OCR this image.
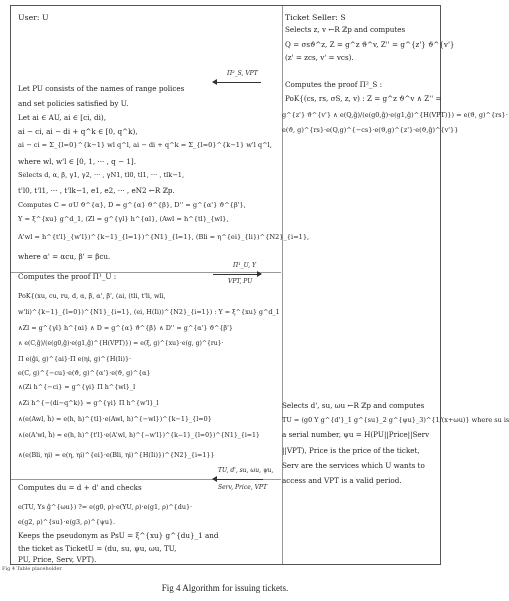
User: U	Ticket Seller: S
Selects z, v ←R ℤp and computes
Q = σsϑ^z, Z = g^z ϑ^v, Z'' = g^{z'} ϑ^{v'}
(z' = zcs, v' = vcs).
Π²_S, VPT
Computes the proof Π²_S :
PoK{(cs, rs, σS, z, v) : Z = g^z ϑ^v ∧ Z'' =
g^{z'} ϑ^{v'} ∧ e(Q,ĝ)/(e(g0,ĝ)·e(g1,ĝ)^{H(VPT)}) = e(ϑ, g)^{rs}·
e(ϑ, g)^{rs}·e(Q,g)^{−cs}·e(ϑ,g)^{z'}·e(ϑ,ĝ)^{v'}}
Let PU consists of the names of range polices
and set policies satisfied by U.
Let ai ∈ AU, ai ∈ [ci, di),
ai − ci, ai − di + q^k ∈ [0, q^k),
ai − ci = Σ_{l=0}^{k−1} wl q^l, ai − di + q^k = Σ_{l=0}^{k−1} w'l q^l,
where wl, w'l ∈ [0, 1, ··· , q − 1].
Selects d, α, β, γ1, γ2, ··· , γN1, tl0, tl1, ··· , tlk−1,
t'l0, t'l1, ··· , t'lk−1, e1, e2, ··· , eN2 ←R ℤp.
Computes C = σU ϑ^{α}, D = g^{α} ϑ^{β}, D'' = g^{α'} ϑ^{β'},
Y = ξ^{xu} g^d_1, (Zl = g^{γl} h^{αl}, (Awl = h^{tl}_{wl},
A'wl = h^{t'l}_{w'l})^{k−1}_{l=1})^{N1}_{l=1}, (Bli = η^{ei}_{li})^{N2}_{i=1},
where α' = αcu, β' = βcu.
Π¹_U, Y
VPT, PU
Computes the proof Π¹_U :
PoK{(xu, cu, ru, d, α, β, α', β', (ai, (tli, t'li, wli,
w'li)^{k−1}_{l=0})^{N1}_{i=1}, (ei, H(Ii))^{N2}_{i=1}) : Y = ξ^{xu} g^d_1
∧Zl = g^{γl} h^{αi} ∧ D = g^{α} ϑ^{β} ∧ D'' = g^{α'} ϑ^{β'}
∧ e(C,ĝ)/(e(g0,ĝ)·e(g1,ĝ)^{H(VPT)}) = e(ξ, g)^{xu}·e(g, g)^{ru}·
Π e(ĝi, g)^{ai}·Π e(ηi, g)^{H(Ii)}·
e(C, g)^{−cu}·e(ϑ, g)^{α'}·e(ϑ, g)^{α}
∧(Zi h^{−ci} = g^{γi} Π h^{wl}_l
∧Zi h^{−(di−q^k)} = g^{γi} Π h^{w'l}_l
∧(e(Awl, ĥ) = e(h, h)^{tl}·e(Awl, h)^{−wl})^{k−1}_{l=0}
∧(e(A'wl, ĥ) = e(h, h)^{t'l}·e(A'wl, h)^{−w'l})^{k−1}_{l=0})^{N1}_{i=1}
∧(e(Bli, ηi) = e(η, ηi)^{ei}·e(Bli, ηi)^{H(Ii)})^{N2}_{i=1}}
Selects d', su, ωu ←R ℤp and computes
TU = (g0 Y g^{d'}_1 g^{su}_2 g^{ψu}_3)^{1/(x+ωu)} where su is
a serial number, ψu = H(PU||Price||Serv
||VPT), Price is the price of the ticket,
Serv are the services which U wants to
access and VPT is a valid period.
TU, d', su, ωu, ψu,
Serv, Price, VPT
Computes du = d + d' and checks
e(TU, Ys ĝ^{ωu}) ?= e(g0, ρ)·e(YU, ρ)·e(g1, ρ)^{du}·
e(g2, ρ)^{su}·e(g3, ρ)^{ψu}.
Keeps the pseudonym as PsU = ξ^{xu} g^{du}_1 and
the ticket as TicketU = (du, su, ψu, ωu, TU,
PU, Price, Serv, VPT).
Fig 4 Table placeholder
Fig 4 Algorithm for issuing tickets.
